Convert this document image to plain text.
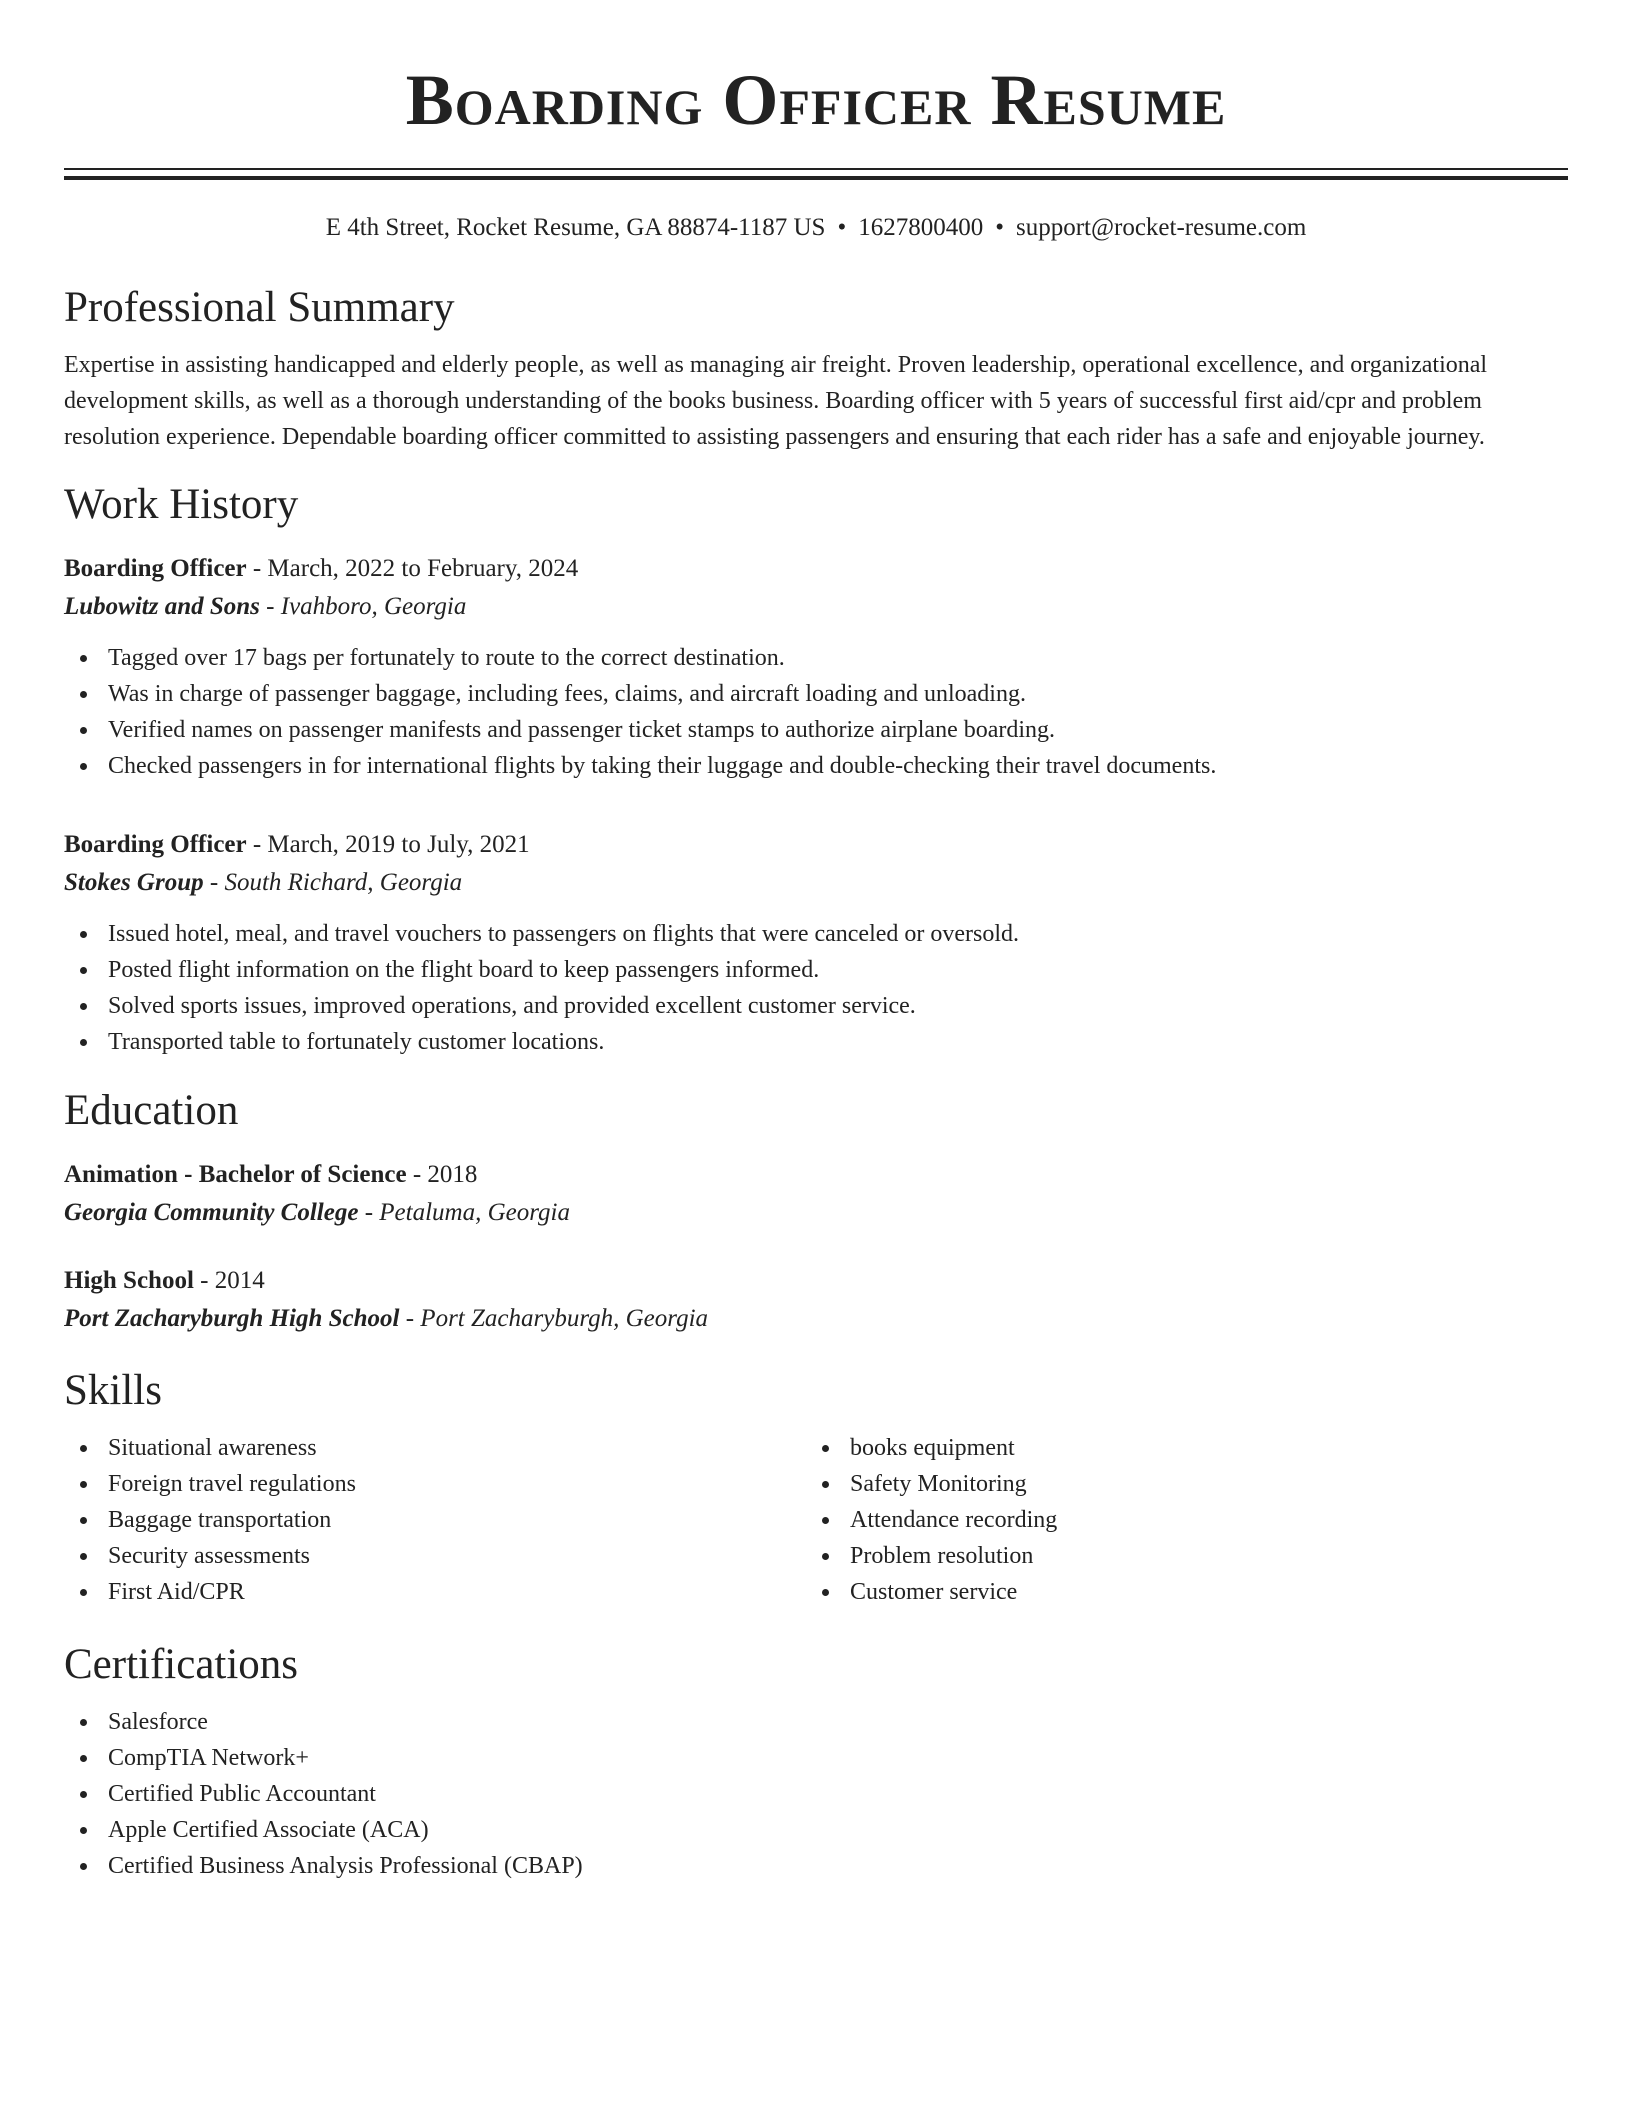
Boarding Officer Resume
E 4th Street, Rocket Resume, GA 88874-1187 US • 1627800400 • support@rocket-resume.com
Professional Summary
Expertise in assisting handicapped and elderly people, as well as managing air freight. Proven leadership, operational excellence, and organizational development skills, as well as a thorough understanding of the books business. Boarding officer with 5 years of successful first aid/cpr and problem resolution experience. Dependable boarding officer committed to assisting passengers and ensuring that each rider has a safe and enjoyable journey.
Work History
Boarding Officer - March, 2022 to February, 2024
Lubowitz and Sons - Ivahboro, Georgia
Tagged over 17 bags per fortunately to route to the correct destination.
Was in charge of passenger baggage, including fees, claims, and aircraft loading and unloading.
Verified names on passenger manifests and passenger ticket stamps to authorize airplane boarding.
Checked passengers in for international flights by taking their luggage and double-checking their travel documents.
Boarding Officer - March, 2019 to July, 2021
Stokes Group - South Richard, Georgia
Issued hotel, meal, and travel vouchers to passengers on flights that were canceled or oversold.
Posted flight information on the flight board to keep passengers informed.
Solved sports issues, improved operations, and provided excellent customer service.
Transported table to fortunately customer locations.
Education
Animation - Bachelor of Science - 2018
Georgia Community College - Petaluma, Georgia
High School - 2014
Port Zacharyburgh High School - Port Zacharyburgh, Georgia
Skills
Situational awareness
Foreign travel regulations
Baggage transportation
Security assessments
First Aid/CPR
books equipment
Safety Monitoring
Attendance recording
Problem resolution
Customer service
Certifications
Salesforce
CompTIA Network+
Certified Public Accountant
Apple Certified Associate (ACA)
Certified Business Analysis Professional (CBAP)
